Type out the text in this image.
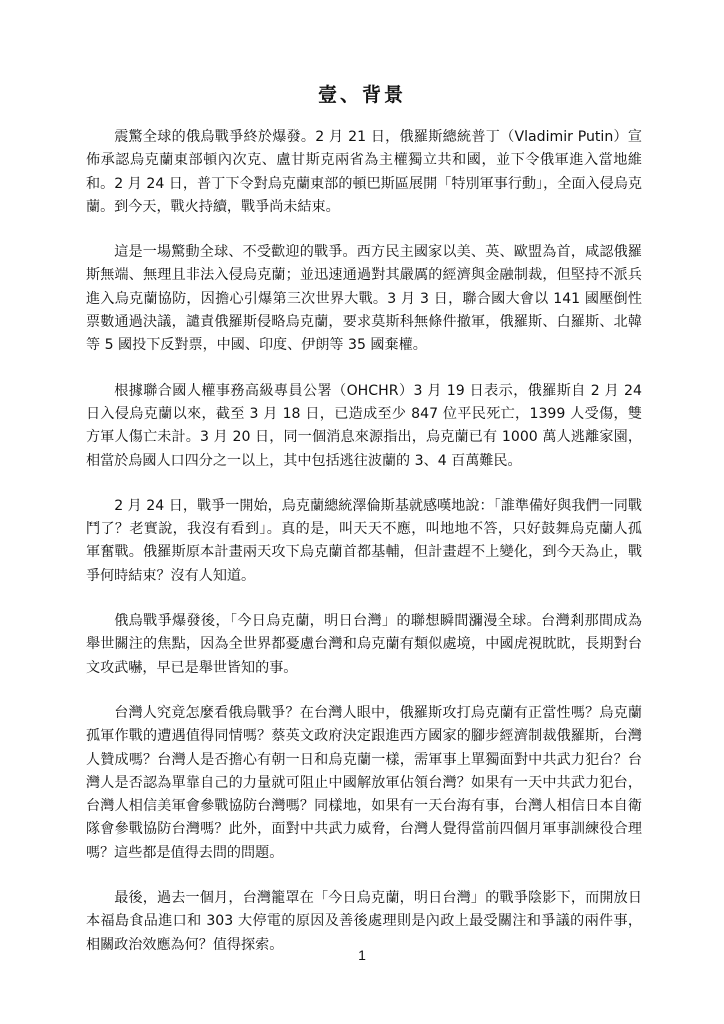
壹、背景

震驚全球的俄烏戰爭終於爆發。2 月 21 日，俄羅斯總統普丁（Vladimir Putin）宣佈承認烏克蘭東部頓內次克、盧甘斯克兩省為主權獨立共和國，並下令俄軍進入當地維和。2 月 24 日，普丁下令對烏克蘭東部的頓巴斯區展開「特別軍事行動」，全面入侵烏克蘭。到今天，戰火持續，戰爭尚未結束。

這是一場驚動全球、不受歡迎的戰爭。西方民主國家以美、英、歐盟為首，咸認俄羅斯無端、無理且非法入侵烏克蘭；並迅速通過對其嚴厲的經濟與金融制裁，但堅持不派兵進入烏克蘭協防，因擔心引爆第三次世界大戰。3 月 3 日，聯合國大會以 141 國壓倒性票數通過決議，譴責俄羅斯侵略烏克蘭，要求莫斯科無條件撤軍，俄羅斯、白羅斯、北韓等 5 國投下反對票，中國、印度、伊朗等 35 國棄權。

根據聯合國人權事務高級專員公署（OHCHR）3 月 19 日表示，俄羅斯自 2 月 24 日入侵烏克蘭以來，截至 3 月 18 日，已造成至少 847 位平民死亡，1399 人受傷，雙方軍人傷亡未計。3 月 20 日，同一個消息來源指出，烏克蘭已有 1000 萬人逃離家園，相當於烏國人口四分之一以上，其中包括逃往波蘭的 3、4 百萬難民。

2 月 24 日，戰爭一開始，烏克蘭總統澤倫斯基就感嘆地說：「誰準備好與我們一同戰鬥了？老實說，我沒有看到」。真的是，叫天天不應，叫地地不答，只好鼓舞烏克蘭人孤軍奮戰。俄羅斯原本計畫兩天攻下烏克蘭首都基輔，但計畫趕不上變化，到今天為止，戰爭何時結束？沒有人知道。

俄烏戰爭爆發後，「今日烏克蘭，明日台灣」的聯想瞬間瀰漫全球。台灣剎那間成為舉世關注的焦點，因為全世界都憂慮台灣和烏克蘭有類似處境，中國虎視眈眈，長期對台文攻武嚇，早已是舉世皆知的事。

台灣人究竟怎麼看俄烏戰爭？在台灣人眼中，俄羅斯攻打烏克蘭有正當性嗎？烏克蘭孤軍作戰的遭遇值得同情嗎？蔡英文政府決定跟進西方國家的腳步經濟制裁俄羅斯，台灣人贊成嗎？台灣人是否擔心有朝一日和烏克蘭一樣，需軍事上單獨面對中共武力犯台？台灣人是否認為單靠自己的力量就可阻止中國解放軍佔領台灣？如果有一天中共武力犯台，台灣人相信美軍會參戰協防台灣嗎？同樣地，如果有一天台海有事，台灣人相信日本自衛隊會參戰協防台灣嗎？此外，面對中共武力威脅，台灣人覺得當前四個月軍事訓練役合理嗎？這些都是值得去問的問題。

最後，過去一個月，台灣籠罩在「今日烏克蘭，明日台灣」的戰爭陰影下，而開放日本福島食品進口和 303 大停電的原因及善後處理則是內政上最受關注和爭議的兩件事，相關政治效應為何？值得探索。

1
